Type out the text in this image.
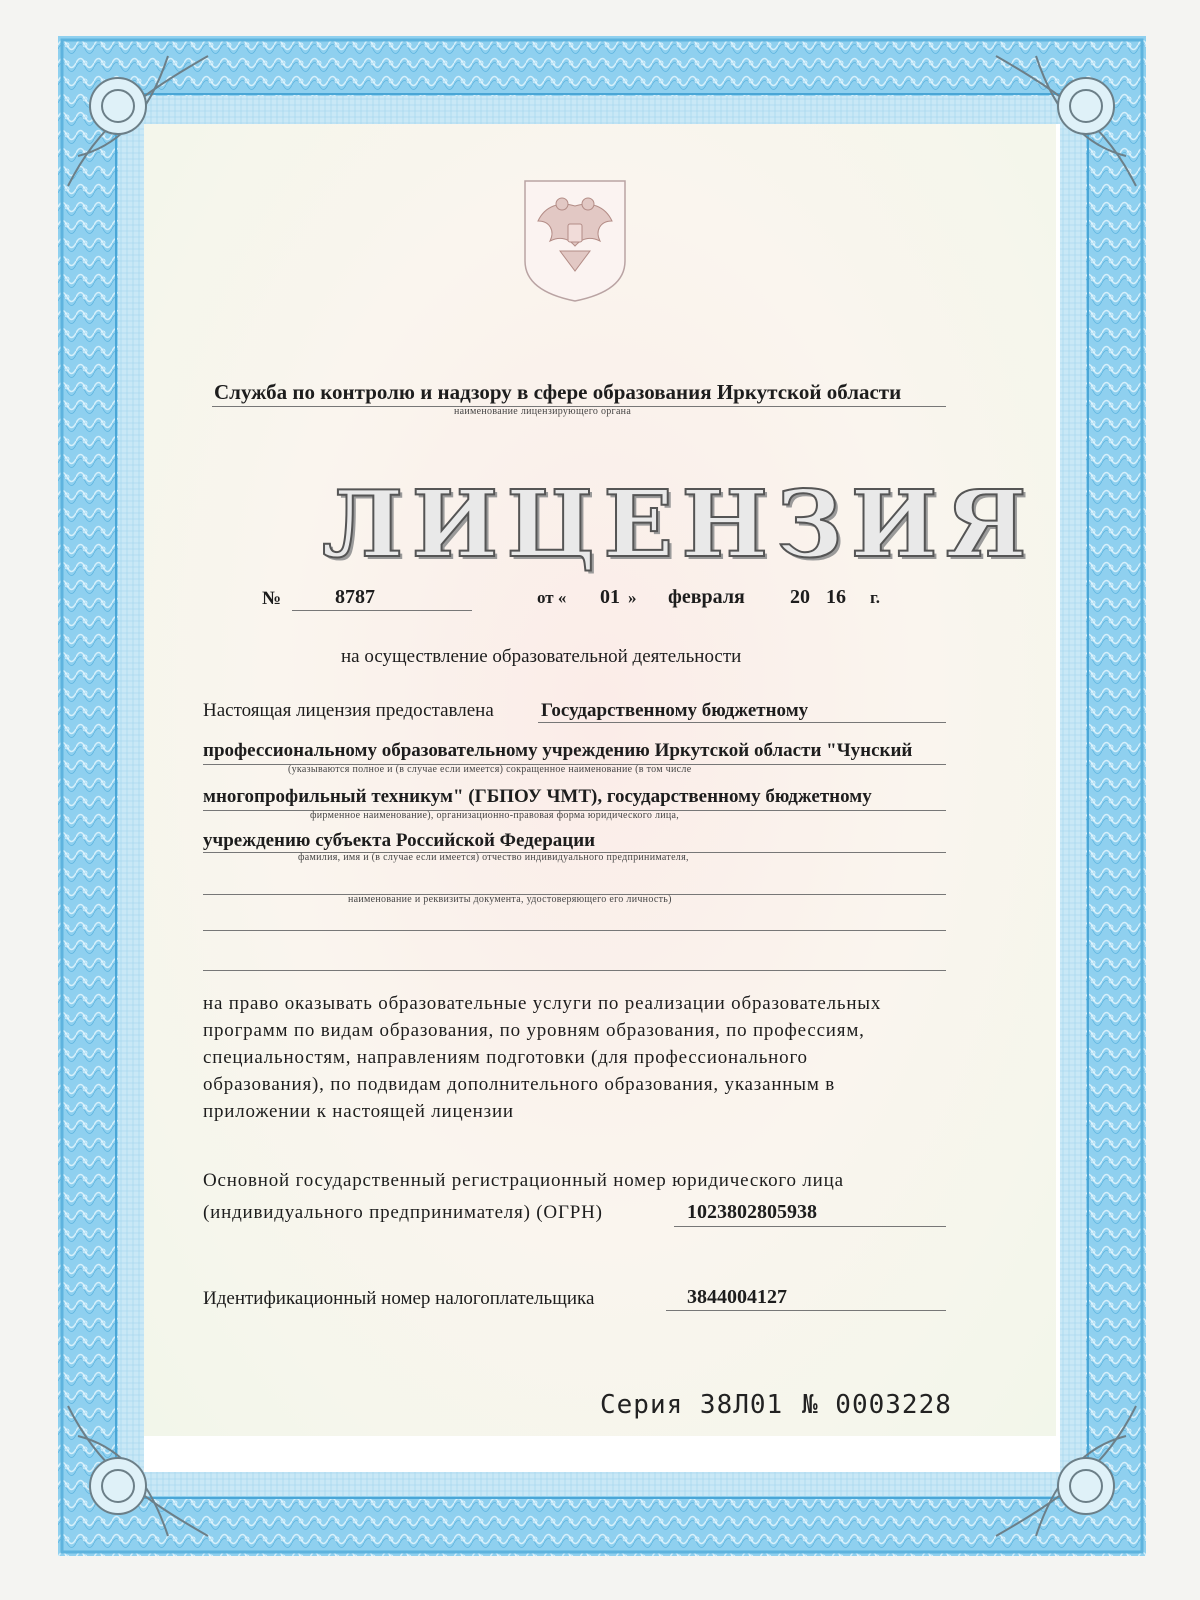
Служба по контролю и надзору в сфере образования Иркутской области
наименование лицензирующего органа
ЛИЦЕНЗИЯ
№	8787	от « 01 » февраля 20 16 г.
на осуществление образовательной деятельности
Настоящая лицензия предоставлена Государственному бюджетному
профессиональному образовательному учреждению Иркутской области "Чунский
(указываются полное и (в случае если имеется) сокращенное наименование (в том числе
многопрофильный техникум" (ГБПОУ ЧМТ), государственному бюджетному
фирменное наименование), организационно-правовая форма юридического лица,
учреждению субъекта Российской Федерации
фамилия, имя и (в случае если имеется) отчество индивидуального предпринимателя,
наименование и реквизиты документа, удостоверяющего его личность)
на право оказывать образовательные услуги по реализации образовательных
программ по видам образования, по уровням образования, по профессиям,
специальностям, направлениям подготовки (для профессионального
образования), по подвидам дополнительного образования, указанным в
приложении к настоящей лицензии
Основной государственный регистрационный номер юридического лица
(индивидуального предпринимателя) (ОГРН)	1023802805938
Идентификационный номер налогоплательщика	3844004127
Серия 38Л01 № 0003228
